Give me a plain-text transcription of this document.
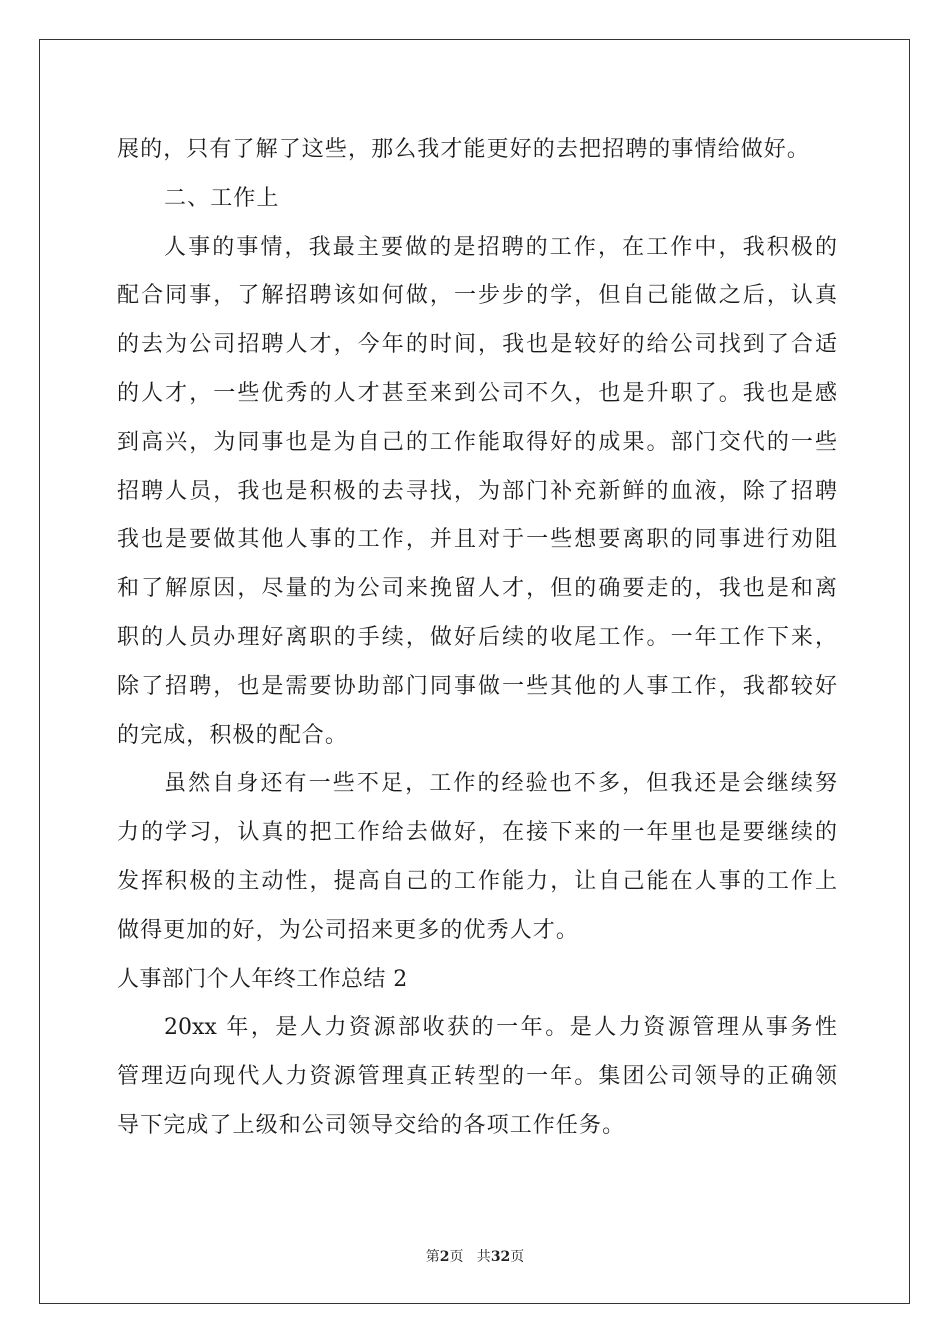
展的，只有了解了这些，那么我才能更好的去把招聘的事情给做好。
二、工作上
人事的事情，我最主要做的是招聘的工作，在工作中，我积极的
配合同事，了解招聘该如何做，一步步的学，但自己能做之后，认真
的去为公司招聘人才，今年的时间，我也是较好的给公司找到了合适
的人才，一些优秀的人才甚至来到公司不久，也是升职了。我也是感
到高兴，为同事也是为自己的工作能取得好的成果。部门交代的一些
招聘人员，我也是积极的去寻找，为部门补充新鲜的血液，除了招聘
我也是要做其他人事的工作，并且对于一些想要离职的同事进行劝阻
和了解原因，尽量的为公司来挽留人才，但的确要走的，我也是和离
职的人员办理好离职的手续，做好后续的收尾工作。一年工作下来，
除了招聘，也是需要协助部门同事做一些其他的人事工作，我都较好
的完成，积极的配合。
虽然自身还有一些不足，工作的经验也不多，但我还是会继续努
力的学习，认真的把工作给去做好，在接下来的一年里也是要继续的
发挥积极的主动性，提高自己的工作能力，让自己能在人事的工作上
做得更加的好，为公司招来更多的优秀人才。
人事部门个人年终工作总结 2
20xx 年，是人力资源部收获的一年。是人力资源管理从事务性
管理迈向现代人力资源管理真正转型的一年。集团公司领导的正确领
导下完成了上级和公司领导交给的各项工作任务。
第2页   共32页
